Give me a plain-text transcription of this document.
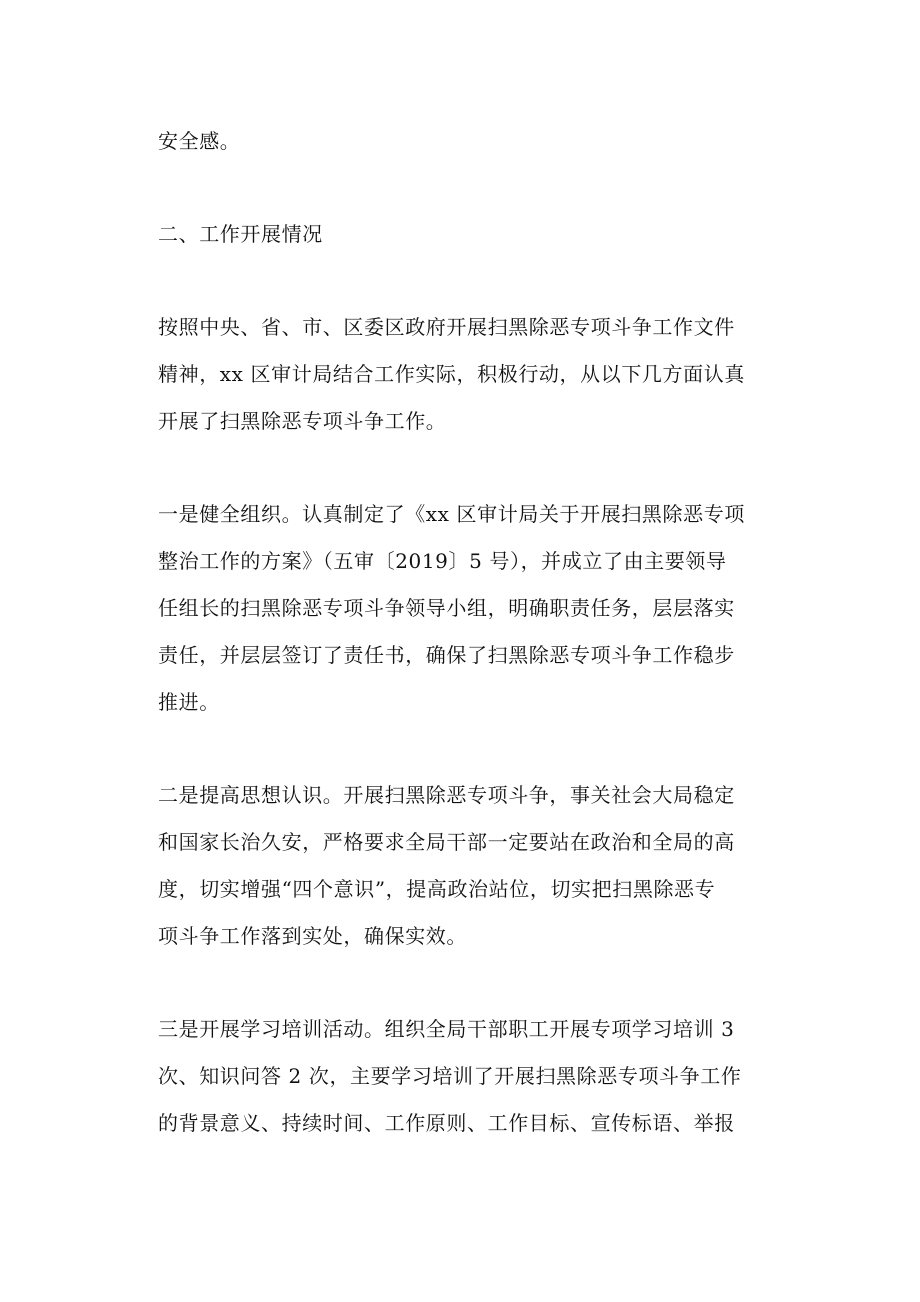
安全感。

二、工作开展情况

按照中央、省、市、区委区政府开展扫黑除恶专项斗争工作文件
精神，xx 区审计局结合工作实际，积极行动，从以下几方面认真
开展了扫黑除恶专项斗争工作。

一是健全组织。认真制定了《xx 区审计局关于开展扫黑除恶专项
整治工作的方案》（五审〔2019〕5 号），并成立了由主要领导
任组长的扫黑除恶专项斗争领导小组，明确职责任务，层层落实
责任，并层层签订了责任书，确保了扫黑除恶专项斗争工作稳步
推进。

二是提高思想认识。开展扫黑除恶专项斗争，事关社会大局稳定
和国家长治久安，严格要求全局干部一定要站在政治和全局的高
度，切实增强“四个意识”，提高政治站位，切实把扫黑除恶专
项斗争工作落到实处，确保实效。

三是开展学习培训活动。组织全局干部职工开展专项学习培训 3
次、知识问答 2 次，主要学习培训了开展扫黑除恶专项斗争工作
的背景意义、持续时间、工作原则、工作目标、宣传标语、举报
